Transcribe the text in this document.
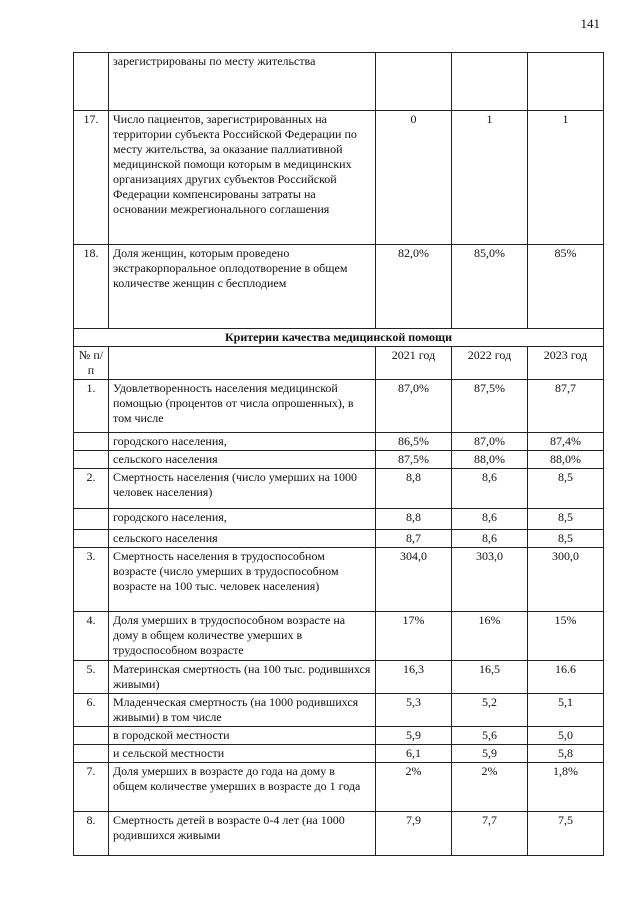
141
	зарегистрированы по месту жительства			
17.	Число пациентов, зарегистрированных на территории субъекта Российской Федерации по месту жительства, за оказание паллиативной медицинской помощи которым в медицинских организациях других субъектов Российской Федерации компенсированы затраты на основании межрегионального соглашения	0	1	1
18.	Доля женщин, которым проведено экстракорпоральное оплодотворение в общем количестве женщин с бесплодием	82,0%	85,0%	85%
Критерии качества медицинской помощи				
№ п/п		2021 год	2022 год	2023 год
1.	Удовлетворенность населения медицинской помощью (процентов от числа опрошенных), в том числе	87,0%	87,5%	87,7
	городского населения,	86,5%	87,0%	87,4%
	сельского населения	87,5%	88,0%	88,0%
2.	Смертность населения (число умерших на 1000 человек населения)	8,8	8,6	8,5
	городского населения,	8,8	8,6	8,5
	сельского населения	8,7	8,6	8,5
3.	Смертность населения в трудоспособном возрасте (число умерших в трудоспособном возрасте на 100 тыс. человек населения)	304,0	303,0	300,0
4.	Доля умерших в трудоспособном возрасте на дому в общем количестве умерших в трудоспособном возрасте	17%	16%	15%
5.	Материнская смертность (на 100 тыс. родившихся живыми)	16,3	16,5	16.6
6.	Младенческая смертность (на 1000 родившихся живыми) в том числе	5,3	5,2	5,1
	в городской местности	5,9	5,6	5,0
	и сельской местности	6,1	5,9	5,8
7.	Доля умерших в возрасте до года на дому в общем количестве умерших в возрасте до 1 года	2%	2%	1,8%
8.	Смертность детей в возрасте 0-4 лет (на 1000 родившихся живыми	7,9	7,7	7,5
